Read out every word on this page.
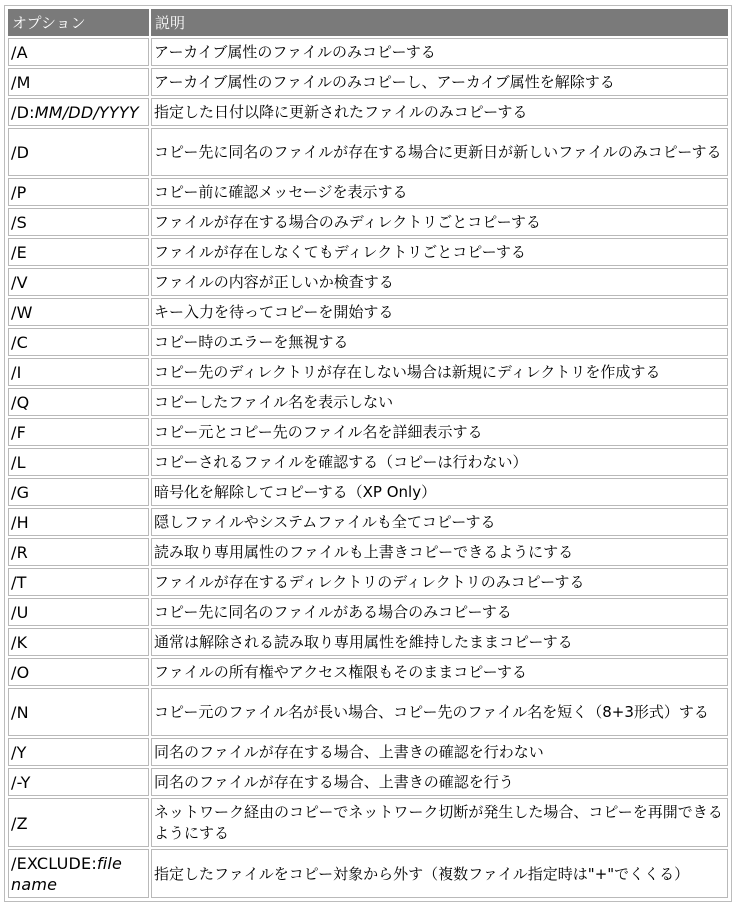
オプション	説明
/A	アーカイブ属性のファイルのみコピーする
/M	アーカイブ属性のファイルのみコピーし、アーカイブ属性を解除する
/D:MM/DD/YYYY	指定した日付以降に更新されたファイルのみコピーする
/D	コピー先に同名のファイルが存在する場合に更新日が新しいファイルのみコピーする
/P	コピー前に確認メッセージを表示する
/S	ファイルが存在する場合のみディレクトリごとコピーする
/E	ファイルが存在しなくてもディレクトリごとコピーする
/V	ファイルの内容が正しいか検査する
/W	キー入力を待ってコピーを開始する
/C	コピー時のエラーを無視する
/I	コピー先のディレクトリが存在しない場合は新規にディレクトリを作成する
/Q	コピーしたファイル名を表示しない
/F	コピー元とコピー先のファイル名を詳細表示する
/L	コピーされるファイルを確認する（コピーは行わない）
/G	暗号化を解除してコピーする（XP Only）
/H	隠しファイルやシステムファイルも全てコピーする
/R	読み取り専用属性のファイルも上書きコピーできるようにする
/T	ファイルが存在するディレクトリのディレクトリのみコピーする
/U	コピー先に同名のファイルがある場合のみコピーする
/K	通常は解除される読み取り専用属性を維持したままコピーする
/O	ファイルの所有権やアクセス権限もそのままコピーする
/N	コピー元のファイル名が長い場合、コピー先のファイル名を短く（8+3形式）する
/Y	同名のファイルが存在する場合、上書きの確認を行わない
/-Y	同名のファイルが存在する場合、上書きの確認を行う
/Z	ネットワーク経由のコピーでネットワーク切断が発生した場合、コピーを再開できるようにする
/EXCLUDE:file name	指定したファイルをコピー対象から外す（複数ファイル指定時は"+"でくくる）
